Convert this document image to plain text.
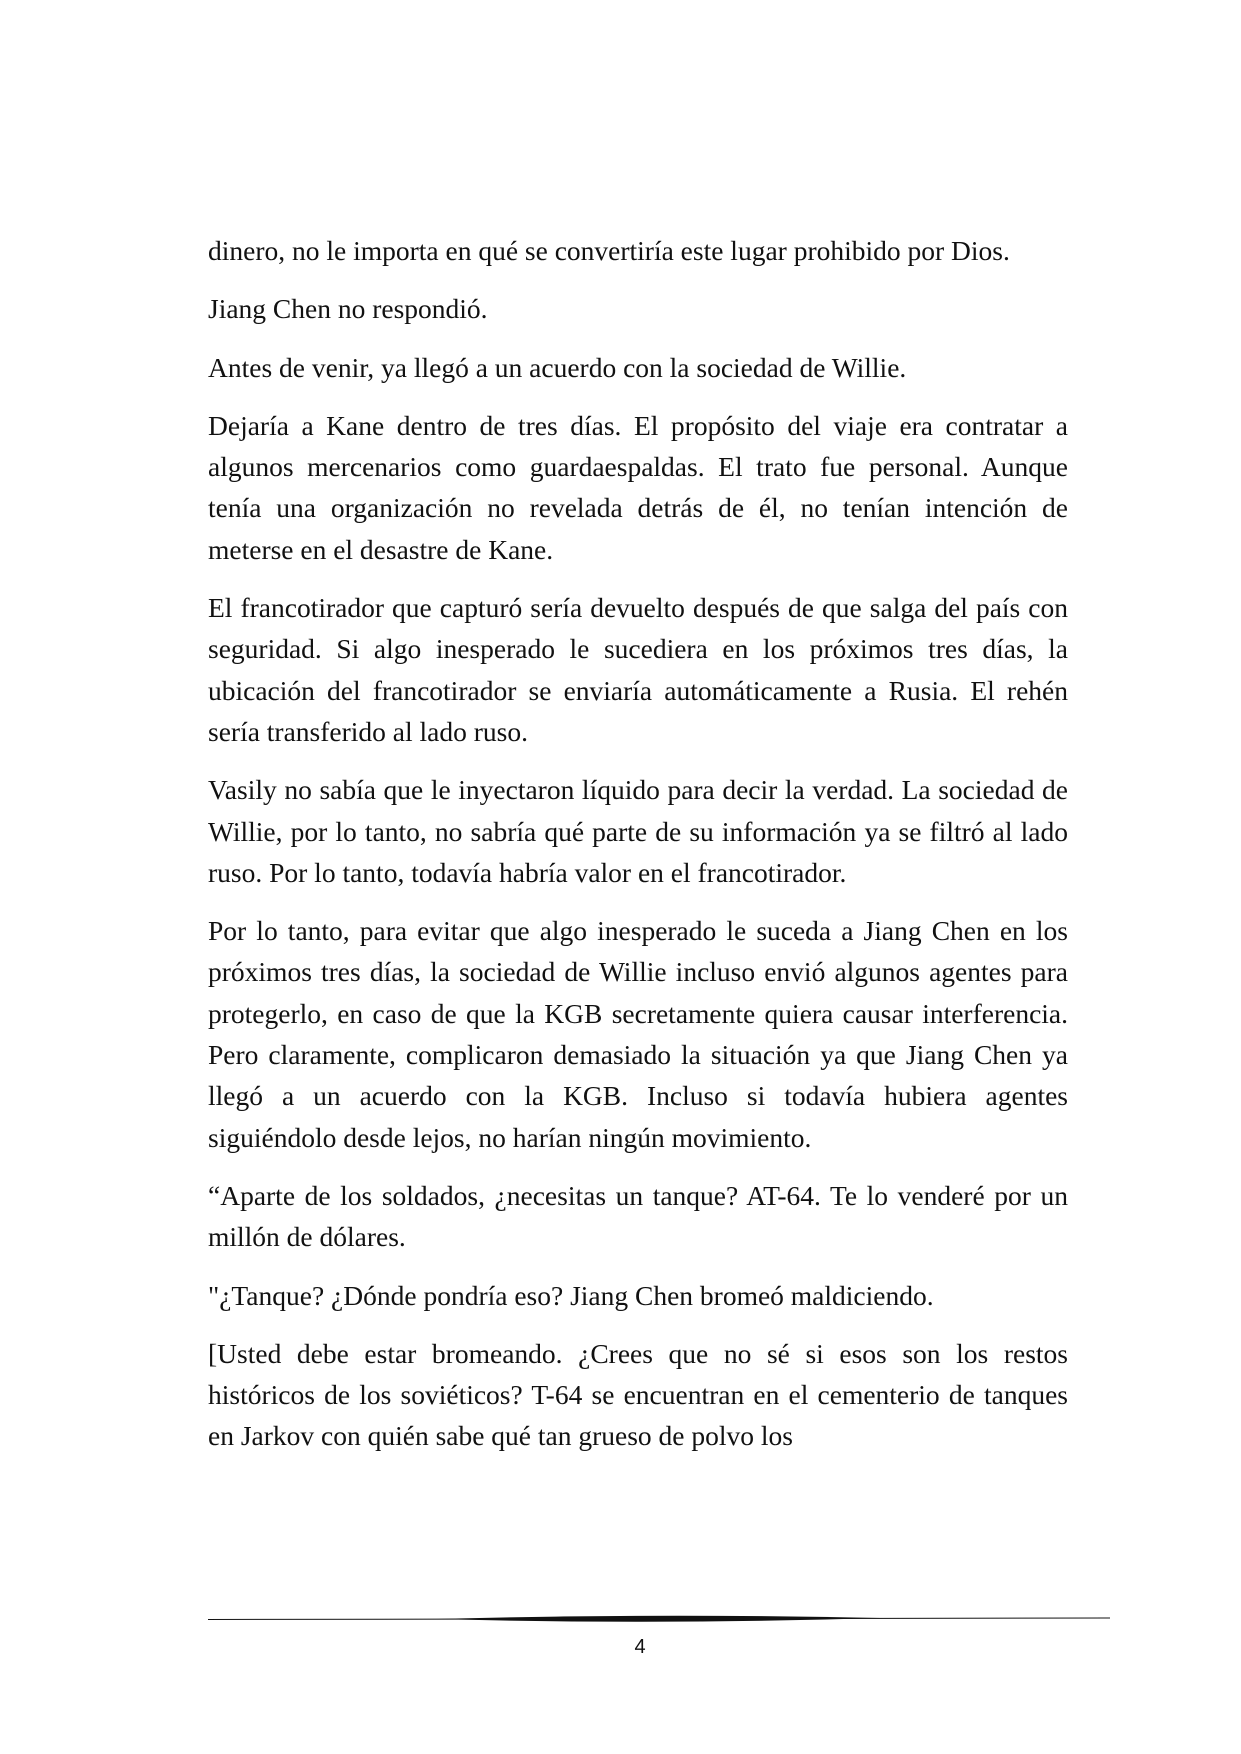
dinero, no le importa en qué se convertiría este lugar prohibido por Dios.

Jiang Chen no respondió.

Antes de venir, ya llegó a un acuerdo con la sociedad de Willie.

Dejaría a Kane dentro de tres días. El propósito del viaje era contratar a algunos mercenarios como guardaespaldas. El trato fue personal. Aunque tenía una organización no revelada detrás de él, no tenían intención de meterse en el desastre de Kane.

El francotirador que capturó sería devuelto después de que salga del país con seguridad. Si algo inesperado le sucediera en los próximos tres días, la ubicación del francotirador se enviaría automáticamente a Rusia. El rehén sería transferido al lado ruso.

Vasily no sabía que le inyectaron líquido para decir la verdad. La sociedad de Willie, por lo tanto, no sabría qué parte de su información ya se filtró al lado ruso. Por lo tanto, todavía habría valor en el francotirador.

Por lo tanto, para evitar que algo inesperado le suceda a Jiang Chen en los próximos tres días, la sociedad de Willie incluso envió algunos agentes para protegerlo, en caso de que la KGB secretamente quiera causar interferencia. Pero claramente, complicaron demasiado la situación ya que Jiang Chen ya llegó a un acuerdo con la KGB. Incluso si todavía hubiera agentes siguiéndolo desde lejos, no harían ningún movimiento.

“Aparte de los soldados, ¿necesitas un tanque? AT-64. Te lo venderé por un millón de dólares.

"¿Tanque? ¿Dónde pondría eso? Jiang Chen bromeó maldiciendo.

[Usted debe estar bromeando. ¿Crees que no sé si esos son los restos históricos de los soviéticos? T-64 se encuentran en el cementerio de tanques en Jarkov con quién sabe qué tan grueso de polvo los

4
